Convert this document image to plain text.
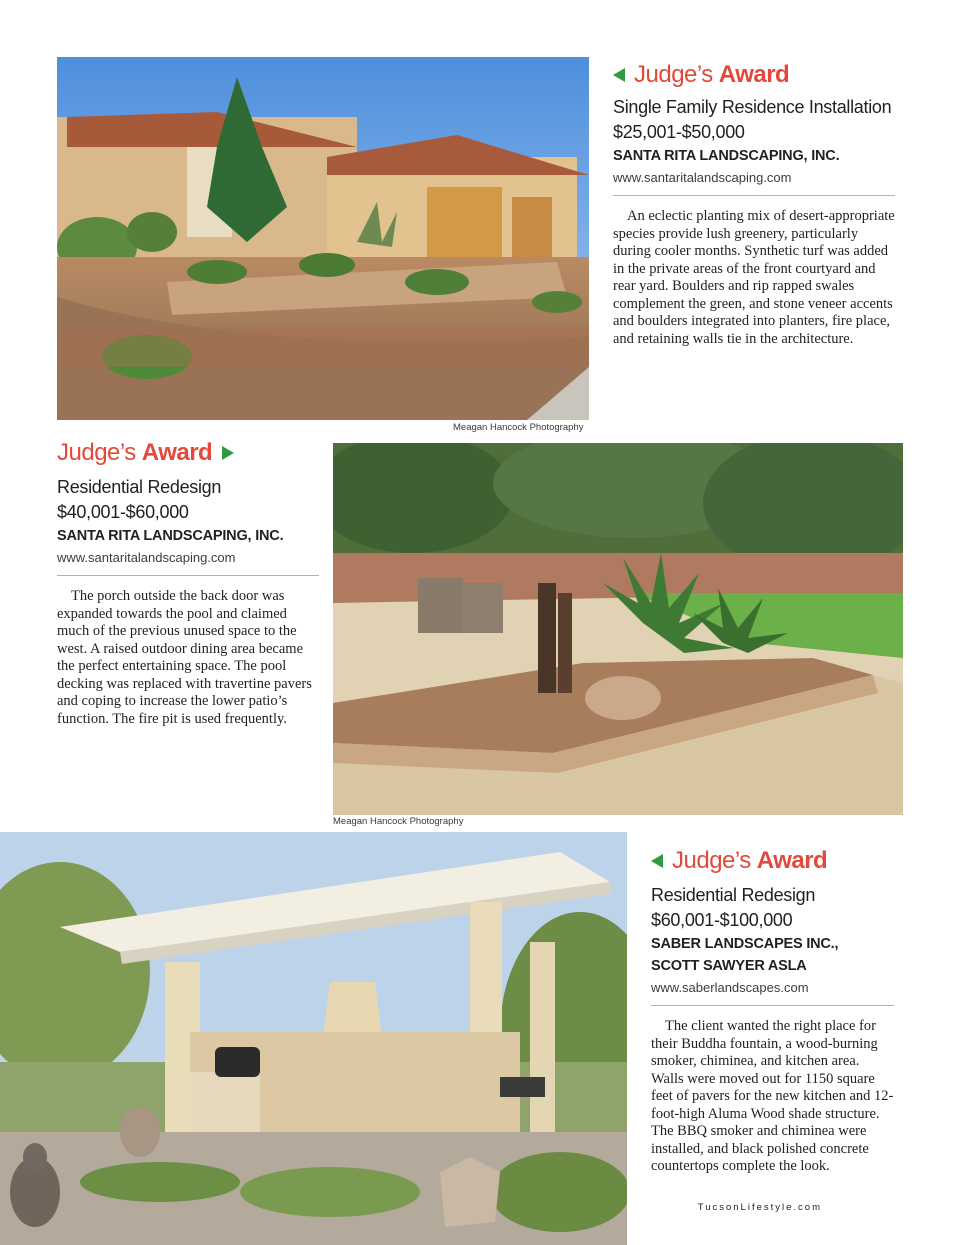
Meagan Hancock Photography
Judge’s Award
Single Family Residence Installation
$25,001-$50,000
SANTA RITA LANDSCAPING, INC.
www.santaritalandscaping.com

An eclectic planting mix of desert-appropriate species provide lush greenery, particularly during cooler months. Synthetic turf was added in the private areas of the front courtyard and rear yard. Boulders and rip rapped swales complement the green, and stone veneer accents and boulders integrated into planters, fire place, and retaining walls tie in the architecture.

Judge’s Award
Residential Redesign
$40,001-$60,000
SANTA RITA LANDSCAPING, INC.
www.santaritalandscaping.com

The porch outside the back door was expanded towards the pool and claimed much of the previous unused space to the west. A raised outdoor dining area became the perfect entertaining space. The pool decking was replaced with travertine pavers and coping to increase the lower patio’s function. The fire pit is used frequently.

Meagan Hancock Photography
Judge’s Award
Residential Redesign
$60,001-$100,000
SABER LANDSCAPES INC.,
SCOTT SAWYER ASLA
www.saberlandscapes.com

The client wanted the right place for their Buddha fountain, a wood-burning smoker, chiminea, and kitchen area. Walls were moved out for 1150 square feet of pavers for the new kitchen and 12-foot-high Aluma Wood shade structure. The BBQ smoker and chiminea were installed, and black polished concrete countertops complete the look.

TucsonLifestyle.com
